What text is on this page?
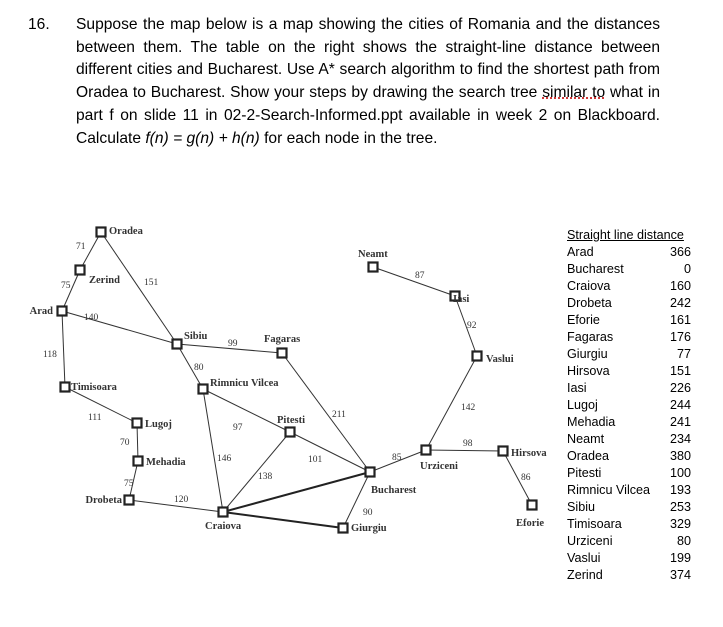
16. Suppose the map below is a map showing the cities of Romania and the distances between them. The table on the right shows the straight-line distance between different cities and Bucharest. Use A* search algorithm to find the shortest path from Oradea to Bucharest. Show your steps by drawing the search tree similar to what in part f on slide 11 in 02-2-Search-Informed.ppt available in week 2 on Blackboard. Calculate f(n) = g(n) + h(n) for each node in the tree.
71
75	151
140
118
111
70
75
120
99
80
97
146
138
211
101
90
85
98
86
142
92
87
Oradea
Zerind
Arad
Timisoara
Lugoj
Mehadia
Drobeta
Sibiu
Rimnicu Vilcea
Craiova
Fagaras
Pitesti
Bucharest
Giurgiu
Urziceni
Hirsova
Eforie
Vaslui
Iasi
Neamt
Straight line distance
Arad	366
Bucharest	0
Craiova	160
Drobeta	242
Eforie	161
Fagaras	176
Giurgiu	77
Hirsova	151
Iasi	226
Lugoj	244
Mehadia	241
Neamt	234
Oradea	380
Pitesti	100
Rimnicu Vilcea 193
Sibiu	253
Timisoara	329
Urziceni	80
Vaslui	199
Zerind	374
